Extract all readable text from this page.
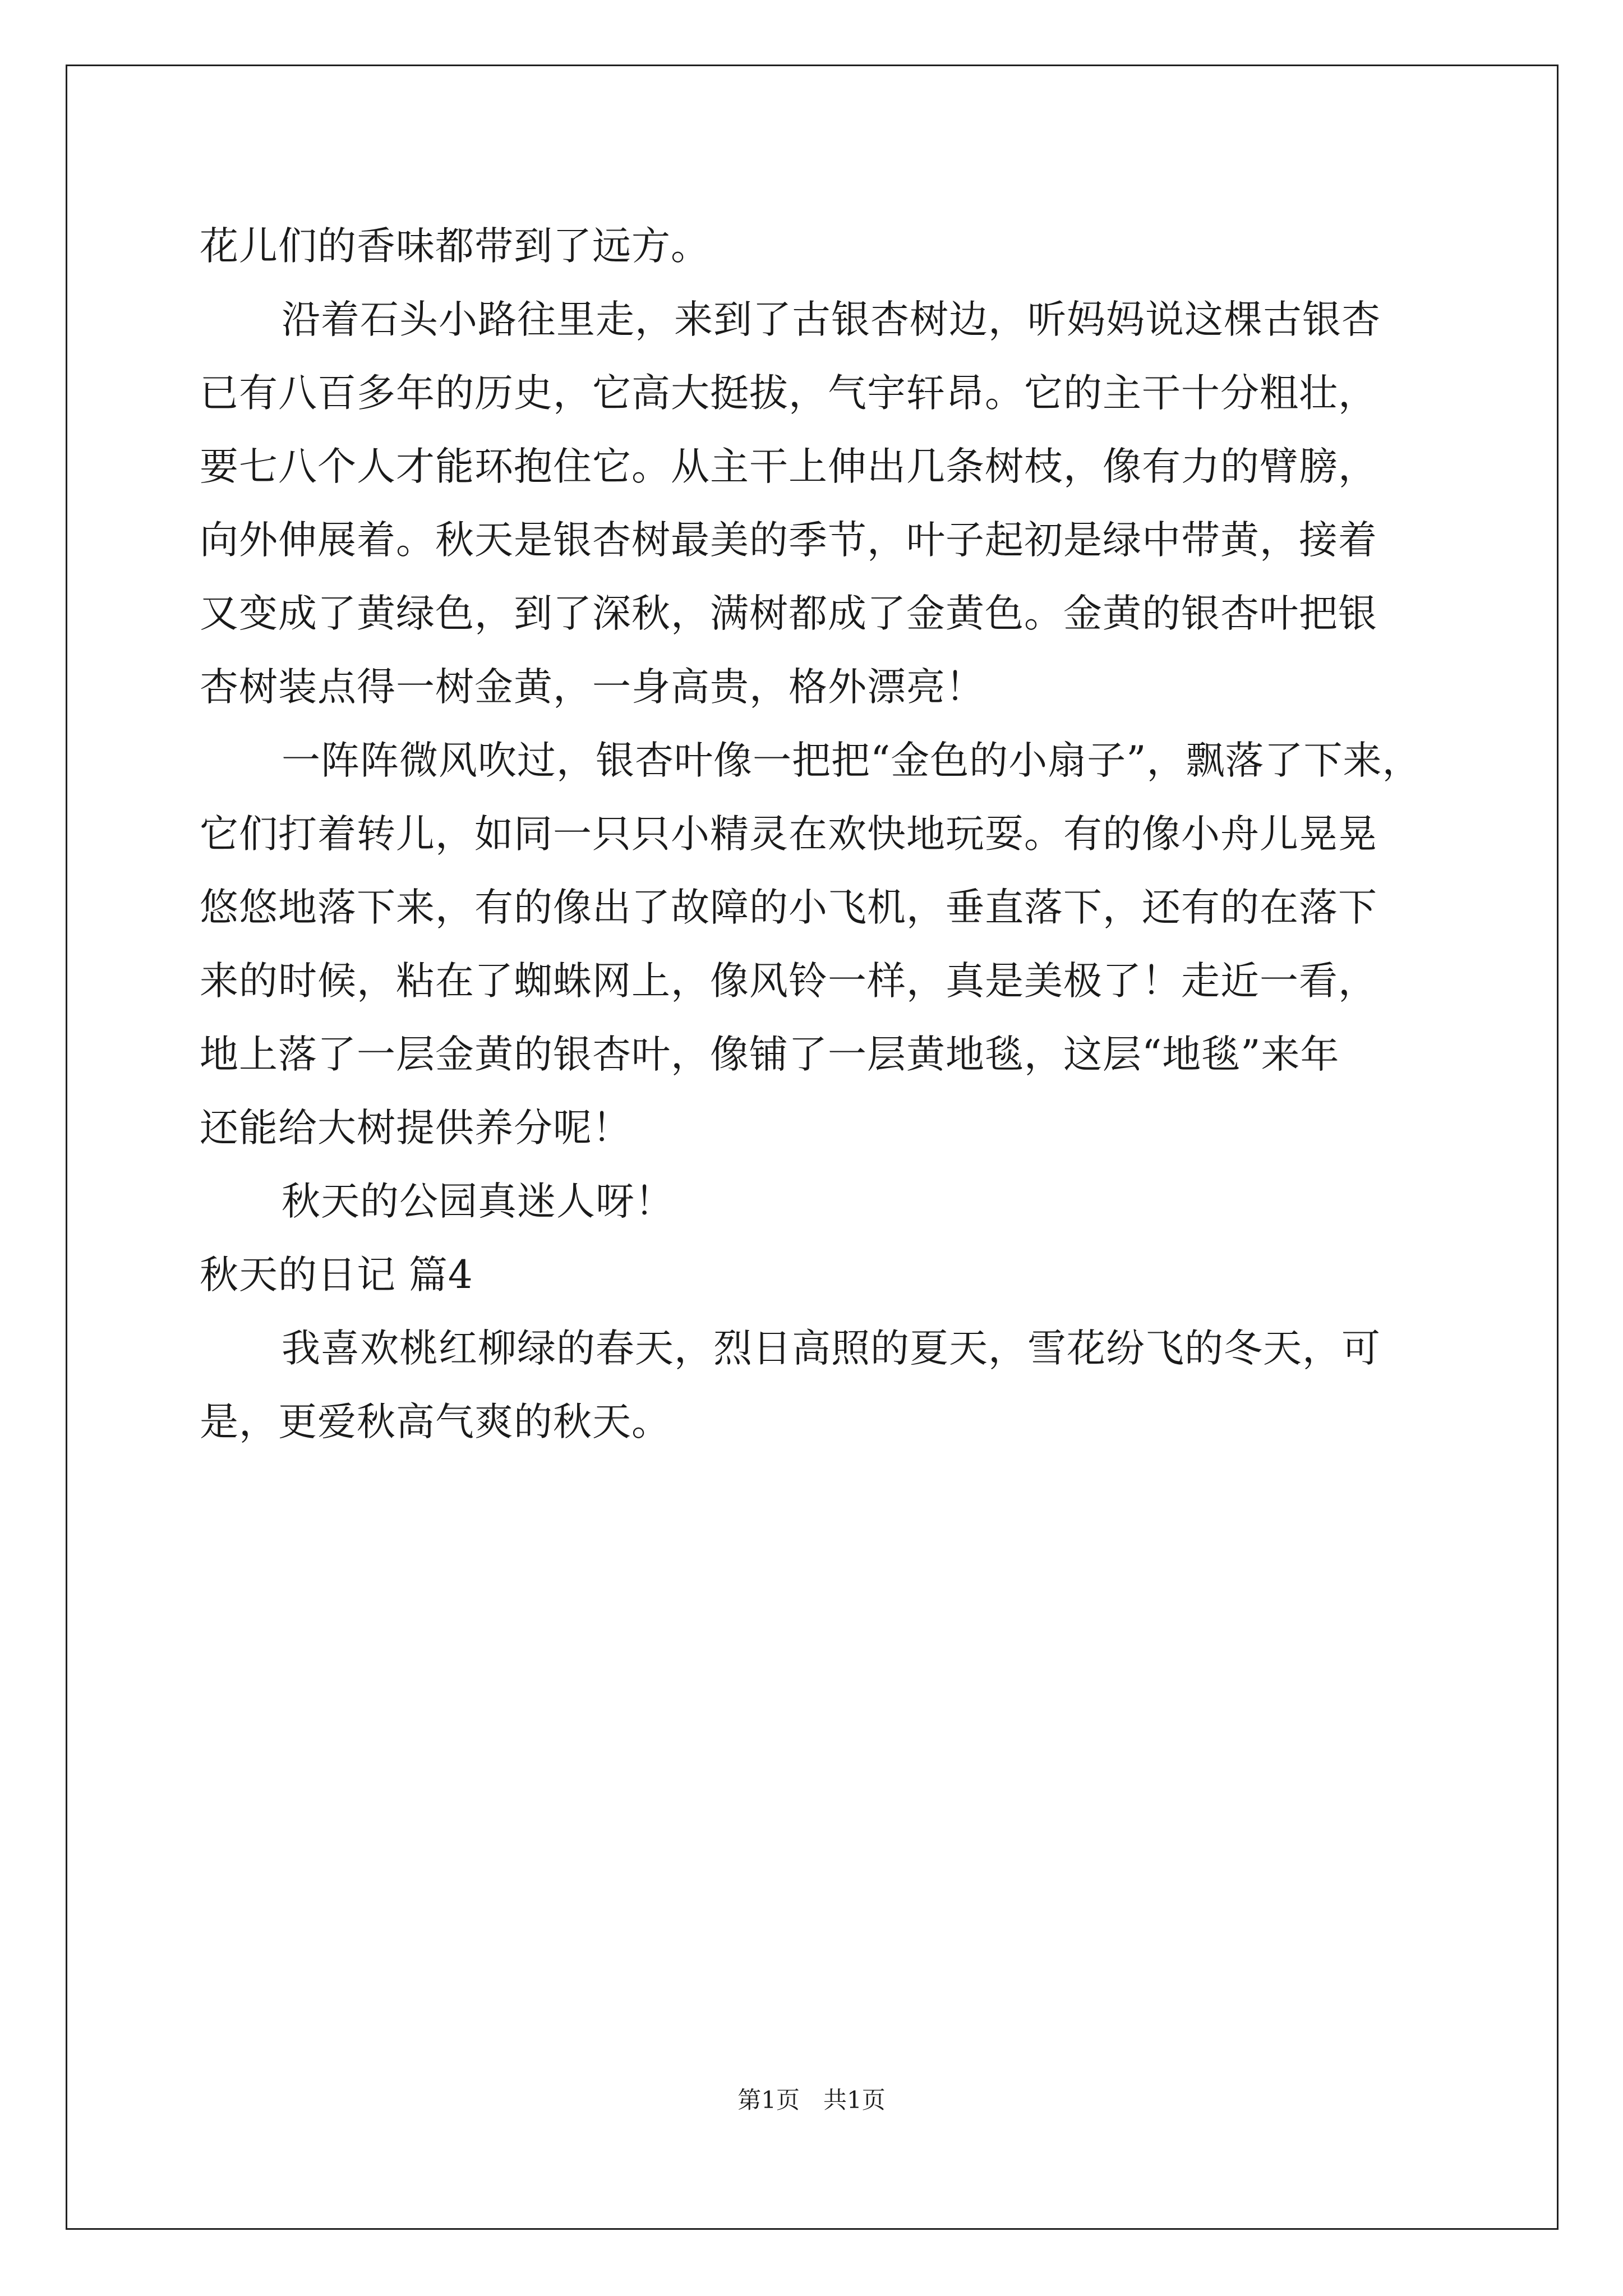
花儿们的香味都带到了远方。
沿着石头小路往里走，来到了古银杏树边，听妈妈说这棵古银杏
已有八百多年的历史，它高大挺拔，气宇轩昂。它的主干十分粗壮，
要七八个人才能环抱住它。从主干上伸出几条树枝，像有力的臂膀，
向外伸展着。秋天是银杏树最美的季节，叶子起初是绿中带黄，接着
又变成了黄绿色，到了深秋，满树都成了金黄色。金黄的银杏叶把银
杏树装点得一树金黄，一身高贵，格外漂亮！
一阵阵微风吹过，银杏叶像一把把“金色的小扇子”，飘落了下来，
它们打着转儿，如同一只只小精灵在欢快地玩耍。有的像小舟儿晃晃
悠悠地落下来，有的像出了故障的小飞机，垂直落下，还有的在落下
来的时候，粘在了蜘蛛网上，像风铃一样，真是美极了！走近一看，
地上落了一层金黄的银杏叶，像铺了一层黄地毯，这层“地毯”来年
还能给大树提供养分呢！
秋天的公园真迷人呀！
秋天的日记 篇4
我喜欢桃红柳绿的春天，烈日高照的夏天，雪花纷飞的冬天，可
是，更爱秋高气爽的秋天。
第1页　共1页
